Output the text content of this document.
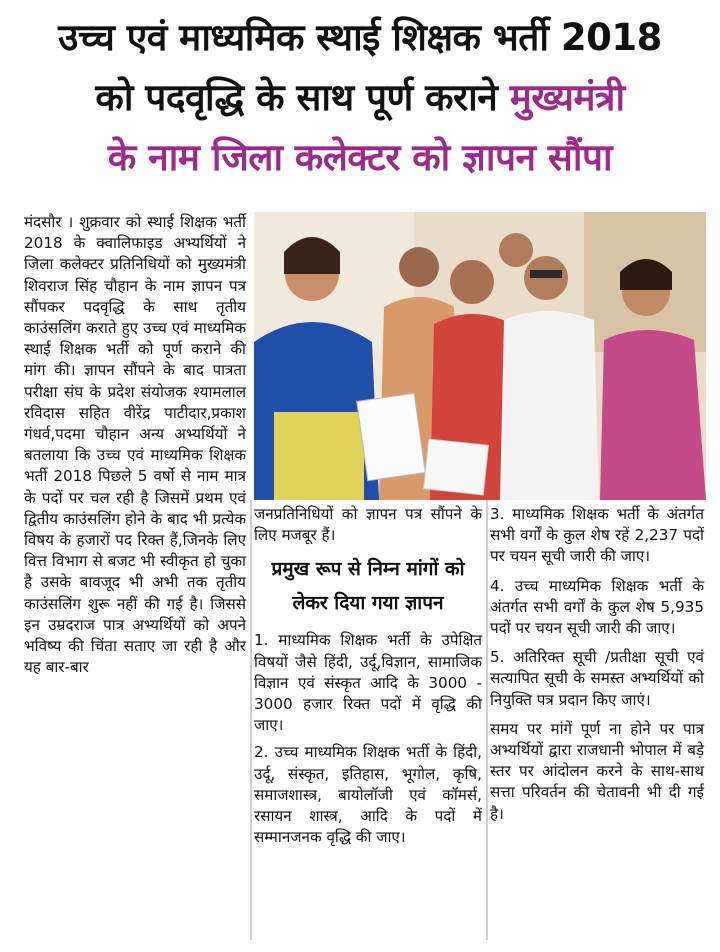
उच्च एवं माध्यमिक स्थाई शिक्षक भर्ती 2018
को पदवृद्धि के साथ पूर्ण कराने मुख्यमंत्री
के नाम जिला कलेक्टर को ज्ञापन सौंपा

मंदसौर । शुक्रवार को स्थाई शिक्षक भर्ती 2018 के क्वालिफाइड अभ्यर्थियों ने जिला कलेक्टर प्रतिनिधियों को मुख्यमंत्री शिवराज सिंह चौहान के नाम ज्ञापन पत्र सौंपकर पदवृद्धि के साथ तृतीय काउंसलिंग कराते हुए उच्च एवं माध्यमिक स्थाई शिक्षक भर्ती को पूर्ण कराने की मांग की। ज्ञापन सौंपने के बाद पात्रता परीक्षा संघ के प्रदेश संयोजक श्यामलाल रविदास सहित वीरेंद्र पाटीदार,प्रकाश गंधर्व,पदमा चौहान अन्य अभ्यर्थियों ने बतलाया कि उच्च एवं माध्यमिक शिक्षक भर्ती 2018 पिछले 5 वर्षो से नाम मात्र के पदों पर चल रही है जिसमें प्रथम एवं द्वितीय काउंसलिंग होने के बाद भी प्रत्येक विषय के हजारों पद रिक्त हैं,जिनके लिए वित्त विभाग से बजट भी स्वीकृत हो चुका है उसके बावजूद भी अभी तक तृतीय काउंसलिंग शुरू नहीं की गई है। जिससे इन उम्रदराज पात्र अभ्यर्थियों को अपने भविष्य की चिंता सताए जा रही है और यह बार-बार

जनप्रतिनिधियों को ज्ञापन पत्र सौंपने के लिए मजबूर हैं।

प्रमुख रूप से निम्न मांगों को लेकर दिया गया ज्ञापन

1. माध्यमिक शिक्षक भर्ती के उपेक्षित विषयों जैसे हिंदी, उर्दू,विज्ञान, सामाजिक विज्ञान एवं संस्कृत आदि के 3000 - 3000 हजार रिक्त पदों में वृद्धि की जाए।

2. उच्च माध्यमिक शिक्षक भर्ती के हिंदी, उर्दू, संस्कृत, इतिहास, भूगोल, कृषि, समाजशास्त्र, बायोलॉजी एवं कॉमर्स, रसायन शास्त्र, आदि के पदों में सम्मानजनक वृद्धि की जाए।

3. माध्यमिक शिक्षक भर्ती के अंतर्गत सभी वर्गों के कुल शेष रहें 2,237 पदों पर चयन सूची जारी की जाए।

4. उच्च माध्यमिक शिक्षक भर्ती के अंतर्गत सभी वर्गों के कुल शेष 5,935 पदों पर चयन सूची जारी की जाए।

5. अतिरिक्त सूची /प्रतीक्षा सूची एवं सत्यापित सूची के समस्त अभ्यर्थियों को नियुक्ति पत्र प्रदान किए जाएं।

समय पर मांगें पूर्ण ना होने पर पात्र अभ्यर्थियों द्वारा राजधानी भोपाल में बड़े स्तर पर आंदोलन करने के साथ-साथ सत्ता परिवर्तन की चेतावनी भी दी गई है।
